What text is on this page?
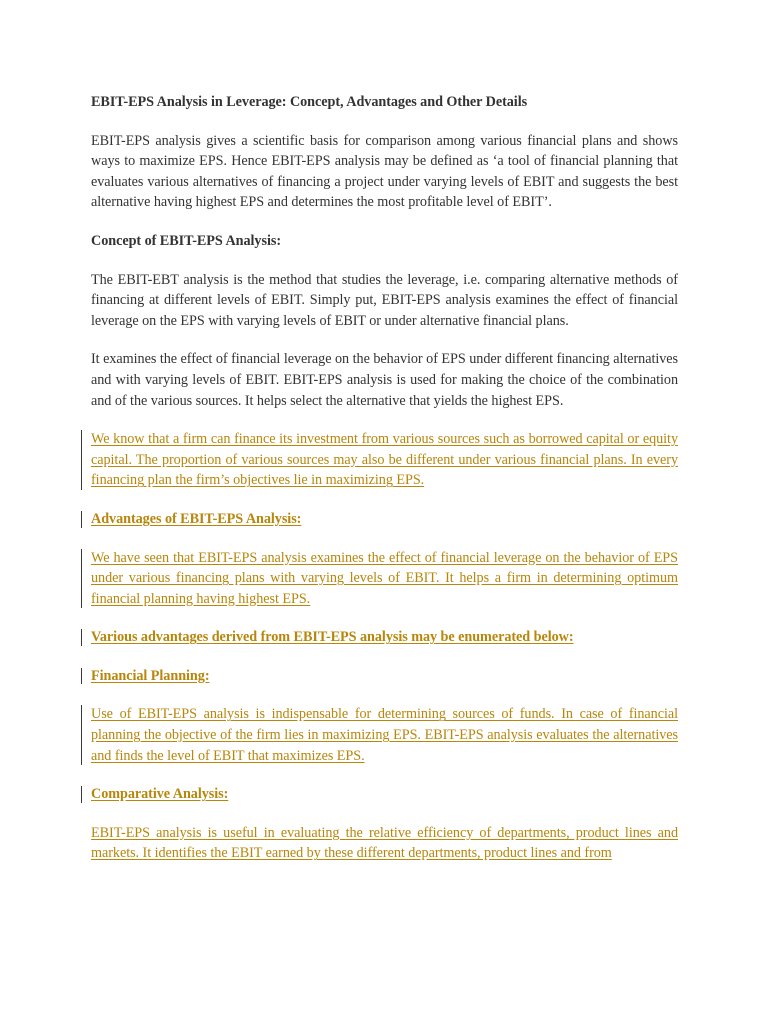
EBIT-EPS Analysis in Leverage: Concept, Advantages and Other Details

EBIT-EPS analysis gives a scientific basis for comparison among various financial plans and shows ways to maximize EPS. Hence EBIT-EPS analysis may be defined as ‘a tool of financial planning that evaluates various alternatives of financing a project under varying levels of EBIT and suggests the best alternative having highest EPS and determines the most profitable level of EBIT’.

Concept of EBIT-EPS Analysis:

The EBIT-EBT analysis is the method that studies the leverage, i.e. comparing alternative methods of financing at different levels of EBIT. Simply put, EBIT-EPS analysis examines the effect of financial leverage on the EPS with varying levels of EBIT or under alternative financial plans.

It examines the effect of financial leverage on the behavior of EPS under different financing alternatives and with varying levels of EBIT. EBIT-EPS analysis is used for making the choice of the combination and of the various sources. It helps select the alternative that yields the highest EPS.

We know that a firm can finance its investment from various sources such as borrowed capital or equity capital. The proportion of various sources may also be different under various financial plans. In every financing plan the firm’s objectives lie in maximizing EPS.
Advantages of EBIT-EPS Analysis:
We have seen that EBIT-EPS analysis examines the effect of financial leverage on the behavior of EPS under various financing plans with varying levels of EBIT. It helps a firm in determining optimum financial planning having highest EPS.
Various advantages derived from EBIT-EPS analysis may be enumerated below:
Financial Planning:
Use of EBIT-EPS analysis is indispensable for determining sources of funds. In case of financial planning the objective of the firm lies in maximizing EPS. EBIT-EPS analysis evaluates the alternatives and finds the level of EBIT that maximizes EPS.
Comparative Analysis:
EBIT-EPS analysis is useful in evaluating the relative efficiency of departments, product lines and markets. It identifies the EBIT earned by these different departments, product lines and from
